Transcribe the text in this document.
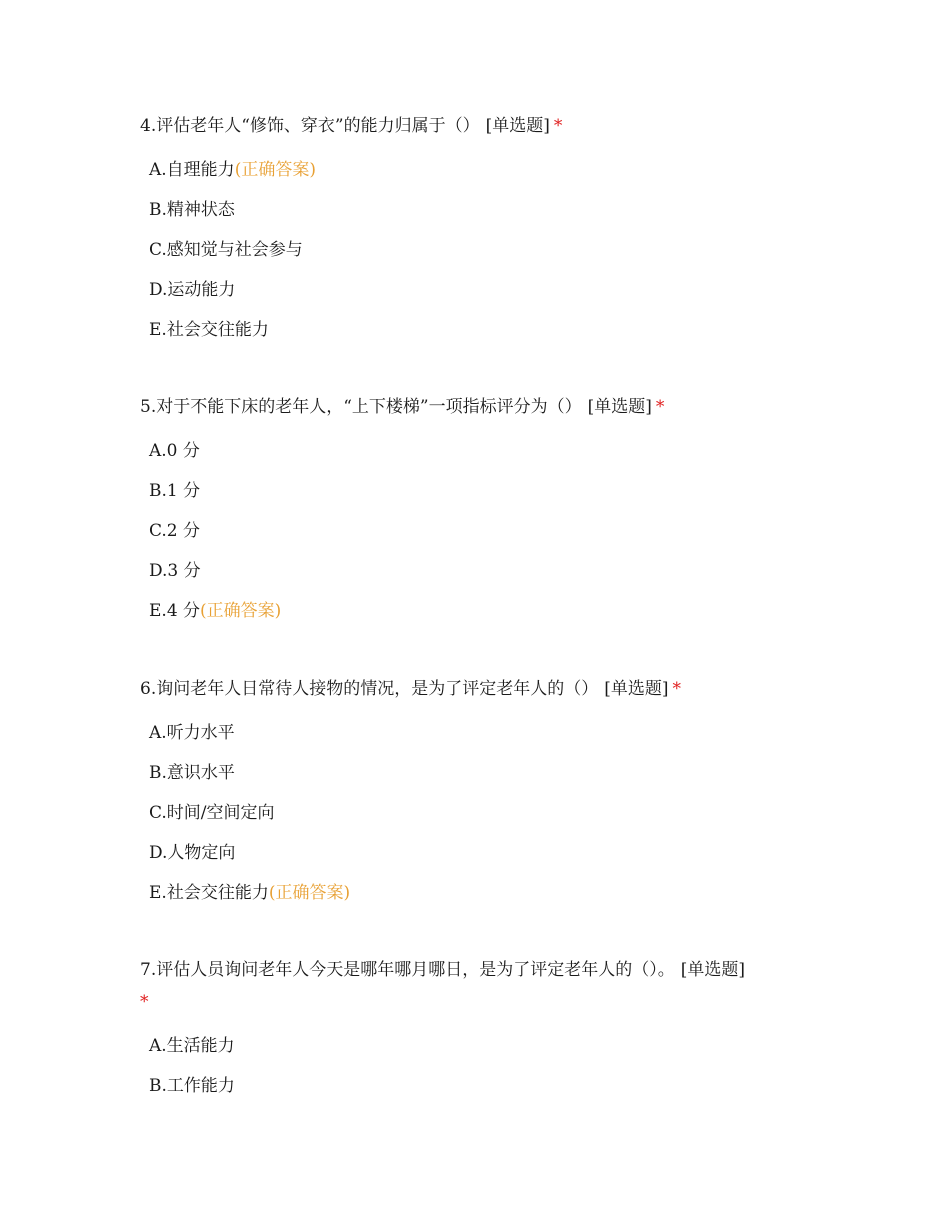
4.评估老年人“修饰、穿衣”的能力归属于（） [单选题] *

A.自理能力(正确答案)
B.精神状态
C.感知觉与社会参与
D.运动能力
E.社会交往能力

5.对于不能下床的老年人，“上下楼梯”一项指标评分为（） [单选题] *

A.0 分
B.1 分
C.2 分
D.3 分
E.4 分(正确答案)

6.询问老年人日常待人接物的情况，是为了评定老年人的（） [单选题] *

A.听力水平
B.意识水平
C.时间/空间定向
D.人物定向
E.社会交往能力(正确答案)

7.评估人员询问老年人今天是哪年哪月哪日，是为了评定老年人的（）。 [单选题]
*

A.生活能力
B.工作能力
